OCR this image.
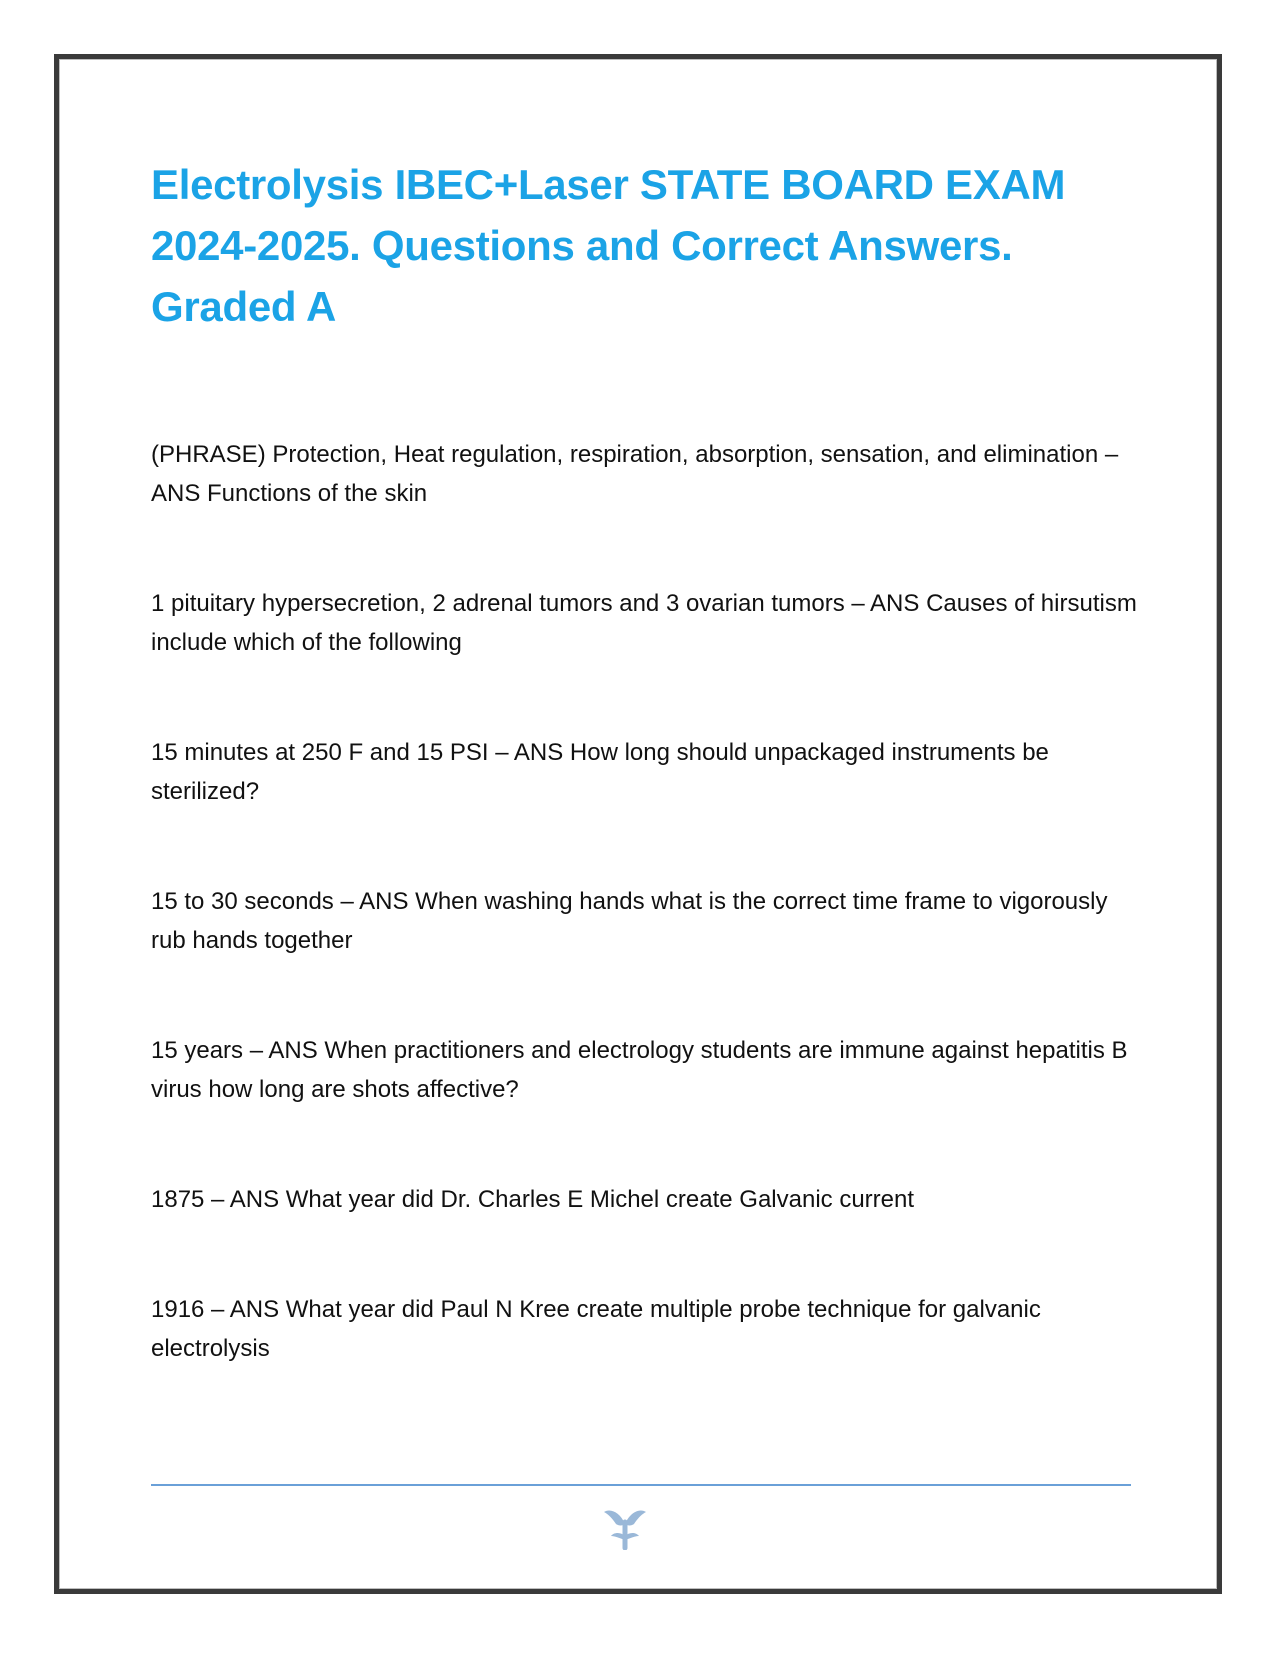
Electrolysis IBEC+Laser STATE BOARD EXAM 2024-2025. Questions and Correct Answers. Graded A

(PHRASE) Protection, Heat regulation, respiration, absorption, sensation, and elimination – ANS Functions of the skin

1 pituitary hypersecretion, 2 adrenal tumors and 3 ovarian tumors – ANS Causes of hirsutism include which of the following

15 minutes at 250 F and 15 PSI – ANS How long should unpackaged instruments be sterilized?

15 to 30 seconds – ANS When washing hands what is the correct time frame to vigorously rub hands together

15 years – ANS When practitioners and electrology students are immune against hepatitis B virus how long are shots affective?

1875 – ANS What year did Dr. Charles E Michel create Galvanic current

1916 – ANS What year did Paul N Kree create multiple probe technique for galvanic electrolysis
